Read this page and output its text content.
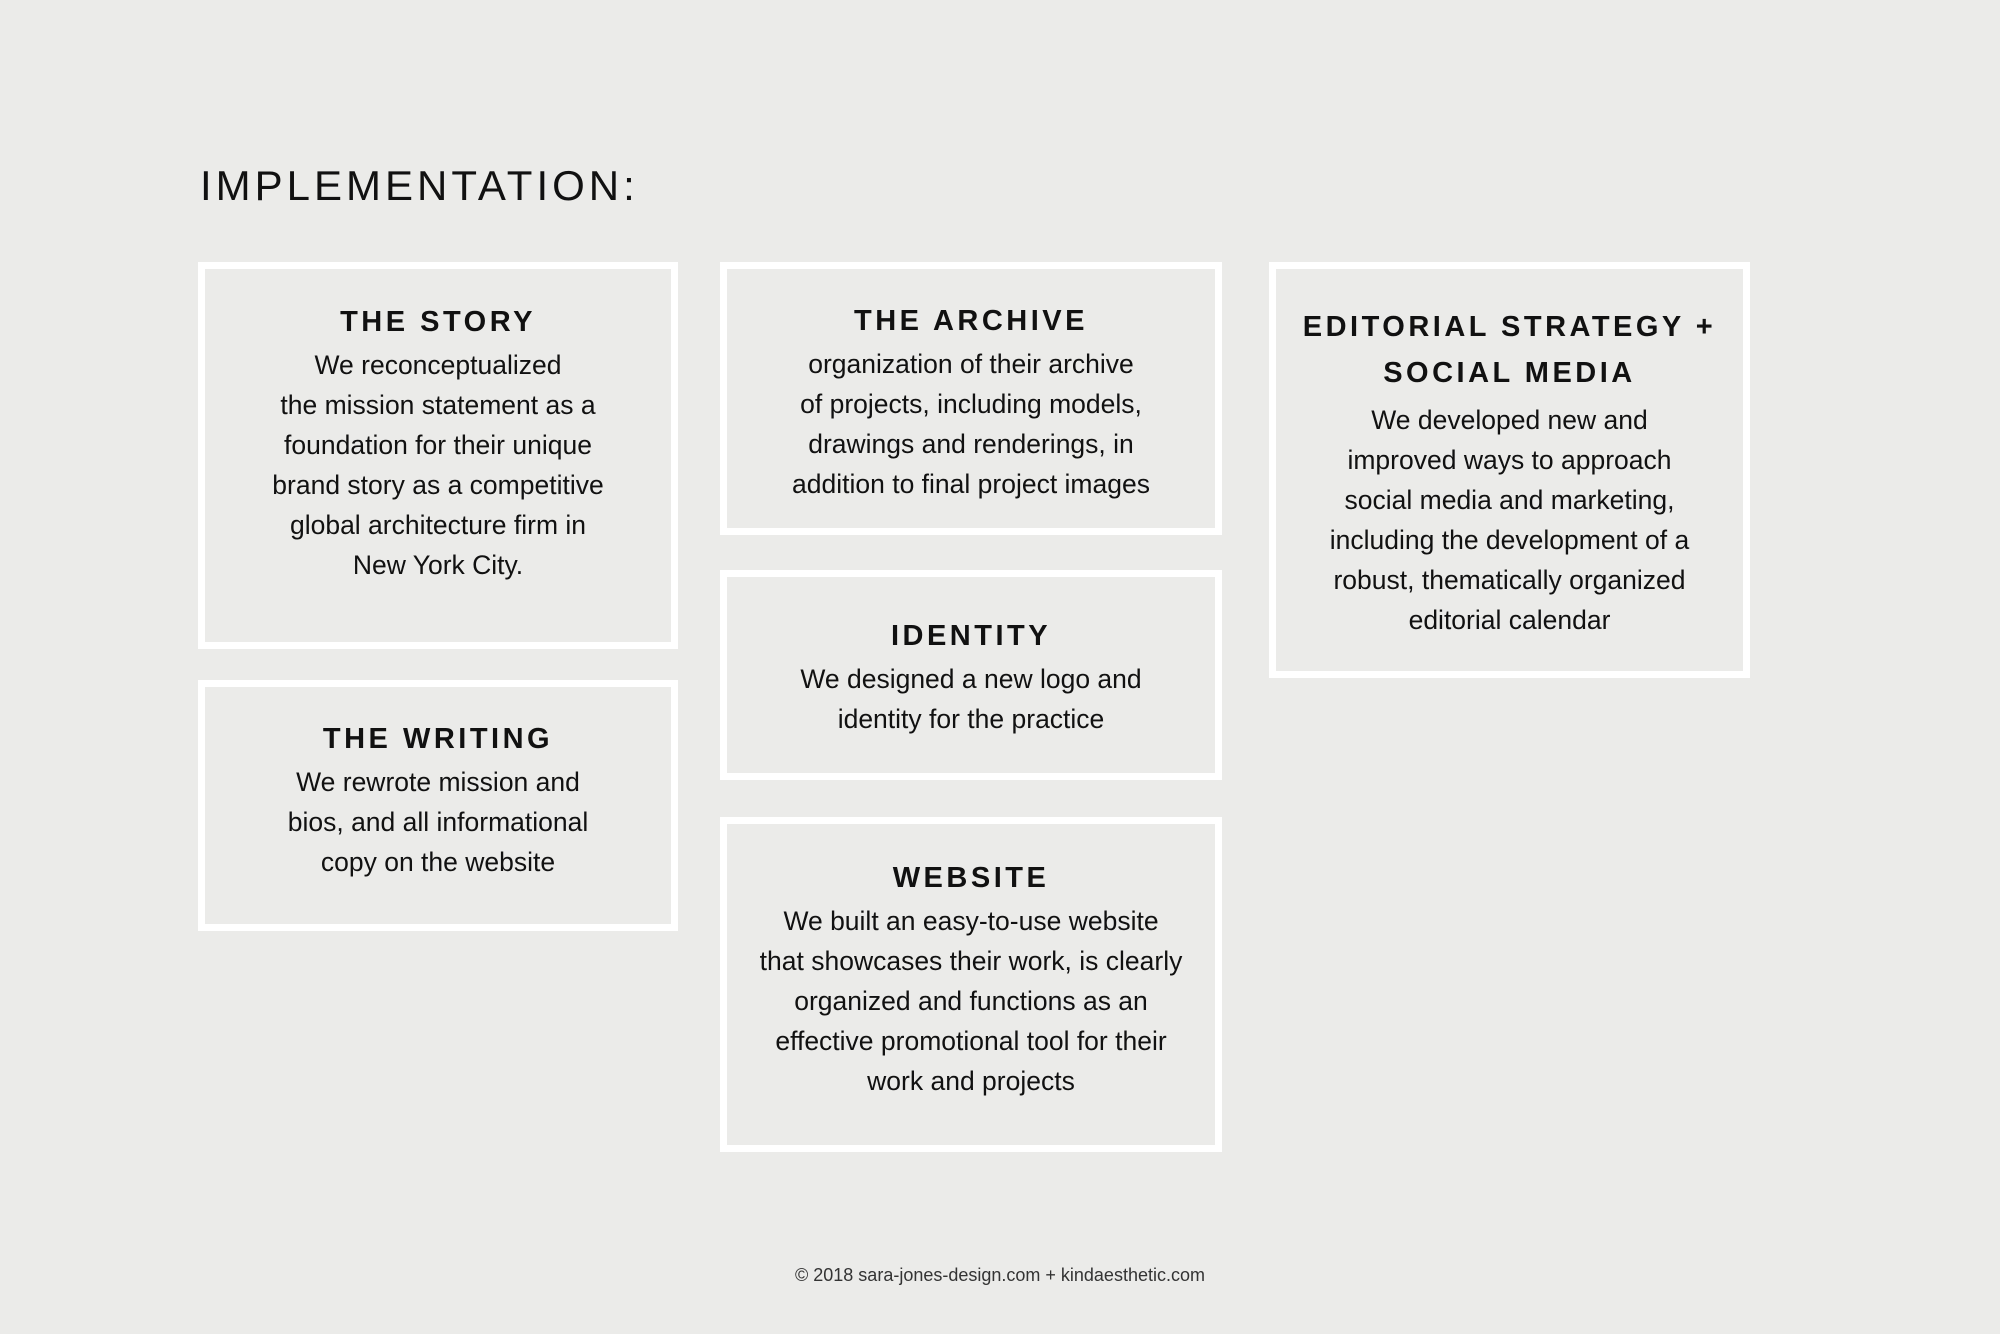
IMPLEMENTATION:
THE STORY

We reconceptualized
the mission statement as a
foundation for their unique
brand story as a competitive
global architecture firm in
New York City.

THE WRITING

We rewrote mission and
bios, and all informational
copy on the website

THE ARCHIVE

organization of their archive
of projects, including models,
drawings and renderings, in
addition to final project images

IDENTITY

We designed a new logo and
identity for the practice

WEBSITE

We built an easy-to-use website
that showcases their work, is clearly
organized and functions as an
effective promotional tool for their
work and projects

EDITORIAL STRATEGY +
SOCIAL MEDIA

We developed new and
improved ways to approach
social media and marketing,
including the development of a
robust, thematically organized
editorial calendar

© 2018 sara-jones-design.com + kindaesthetic.com
